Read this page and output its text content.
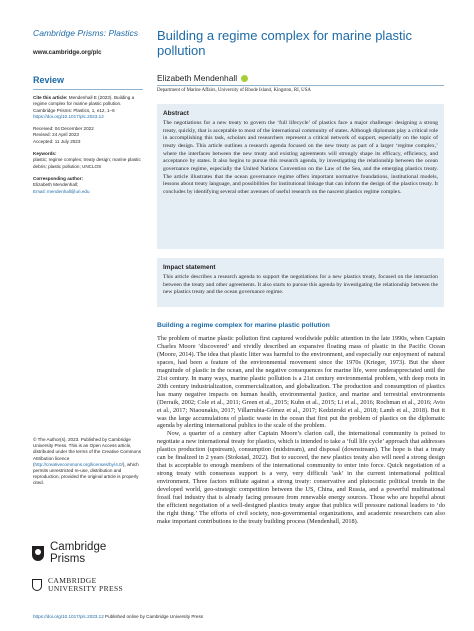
Cambridge Prisms: Plastics
www.cambridge.org/plc
Review

Cite this article: Mendenhall E (2023). Building a regime complex for marine plastic pollution. Cambridge Prisms: Plastics, 1, e12, 1–6 https://doi.org/10.1017/plc.2023.12

Received: 04 December 2022
Revised: 24 April 2023
Accepted: 11 July 2023

Keywords:
plastic; regime complex; treaty design; marine plastic debris; plastic pollution; UNCLOS

Corresponding author:
Elizabeth Mendenhall;
Email: mendenhall@uri.edu

© The Author(s), 2023. Published by Cambridge University Press. This is an Open Access article, distributed under the terms of the Creative Commons Attribution licence (http://creativecommons.org/licenses/by/4.0/), which permits unrestricted re-use, distribution and reproduction, provided the original article is properly cited.
Cambridge
Prisms
CAMBRIDGE
UNIVERSITY PRESS
https://doi.org/10.1017/plc.2023.12 Published online by Cambridge University Press
Building a regime complex for marine plastic pollution
Elizabeth Mendenhall
Department of Marine Affairs, University of Rhode Island, Kingston, RI, USA
Abstract
The negotiations for a new treaty to govern the ‘full lifecycle’ of plastics face a major challenge: designing a strong treaty, quickly, that is acceptable to most of the international community of states. Although diplomats play a critical role in accomplishing this task, scholars and researchers represent a critical network of support, especially on the topic of treaty design. This article outlines a research agenda focused on the new treaty as part of a larger ‘regime complex,’ where the interfaces between the new treaty and existing agreements will strongly shape its efficacy, efficiency, and acceptance by states. It also begins to pursue this research agenda, by investigating the relationship between the ocean governance regime, especially the United Nations Convention on the Law of the Sea, and the emerging plastics treaty. The article illustrates that the ocean governance regime offers important normative foundations, institutional models, lessons about treaty language, and possibilities for institutional linkage that can inform the design of the plastics treaty. It concludes by identifying several other avenues of useful research on the nascent plastics regime complex.
Impact statement
This article describes a research agenda to support the negotiations for a new plastics treaty, focused on the interaction between the treaty and other agreements. It also starts to pursue this agenda by investigating the relationship between the new plastics treaty and the ocean governance regime.
Building a regime complex for marine plastic pollution

The problem of marine plastic pollution first captured worldwide public attention in the late 1990s, when Captain Charles Moore ‘discovered’ and vividly described an expansive floating mass of plastic in the Pacific Ocean (Moore, 2014). The idea that plastic litter was harmful to the environment, and especially our enjoyment of natural spaces, had been a feature of the environmental movement since the 1970s (Krieger, 1973). But the sheer magnitude of plastic in the ocean, and the negative consequences for marine life, were underappreciated until the 21st century. In many ways, marine plastic pollution is a 21st century environmental problem, with deep roots in 20th century industrialization, commercialization, and globalization. The production and consumption of plastics has many negative impacts on human health, environmental justice, and marine and terrestrial environments (Derraik, 2002; Cole et al., 2011; Green et al., 2015; Kuhn et al., 2015; Li et al., 2016; Rochman et al., 2016; Avio et al., 2017; Niaounakis, 2017; Villarrubia-Gómez et al., 2017; Kedzierski et al., 2018; Lamb et al., 2018). But it was the large accumulations of plastic waste in the ocean that first put the problem of plastics on the diplomatic agenda by alerting international publics to the scale of the problem.

Now, a quarter of a century after Captain Moore’s clarion call, the international community is poised to negotiate a new international treaty for plastics, which is intended to take a ‘full life cycle’ approach that addresses plastics production (upstream), consumption (midstream), and disposal (downstream). The hope is that a treaty can be finalized in 2 years (Stokstad, 2022). But to succeed, the new plastics treaty also will need a strong design that is acceptable to enough members of the international community to enter into force. Quick negotiation of a strong treaty with consensus support is a very, very difficult ‘ask’ in the current international political environment. Three factors militate against a strong treaty: conservative and plutocratic political trends in the developed world, geo-strategic competition between the US, China, and Russia, and a powerful multinational fossil fuel industry that is already facing pressure from renewable energy sources. Those who are hopeful about the efficient negotiation of a well-designed plastics treaty argue that publics will pressure national leaders to ‘do the right thing.’ The efforts of civil society, non-governmental organizations, and academic researchers can also make important contributions to the treaty building process (Mendenhall, 2018).
